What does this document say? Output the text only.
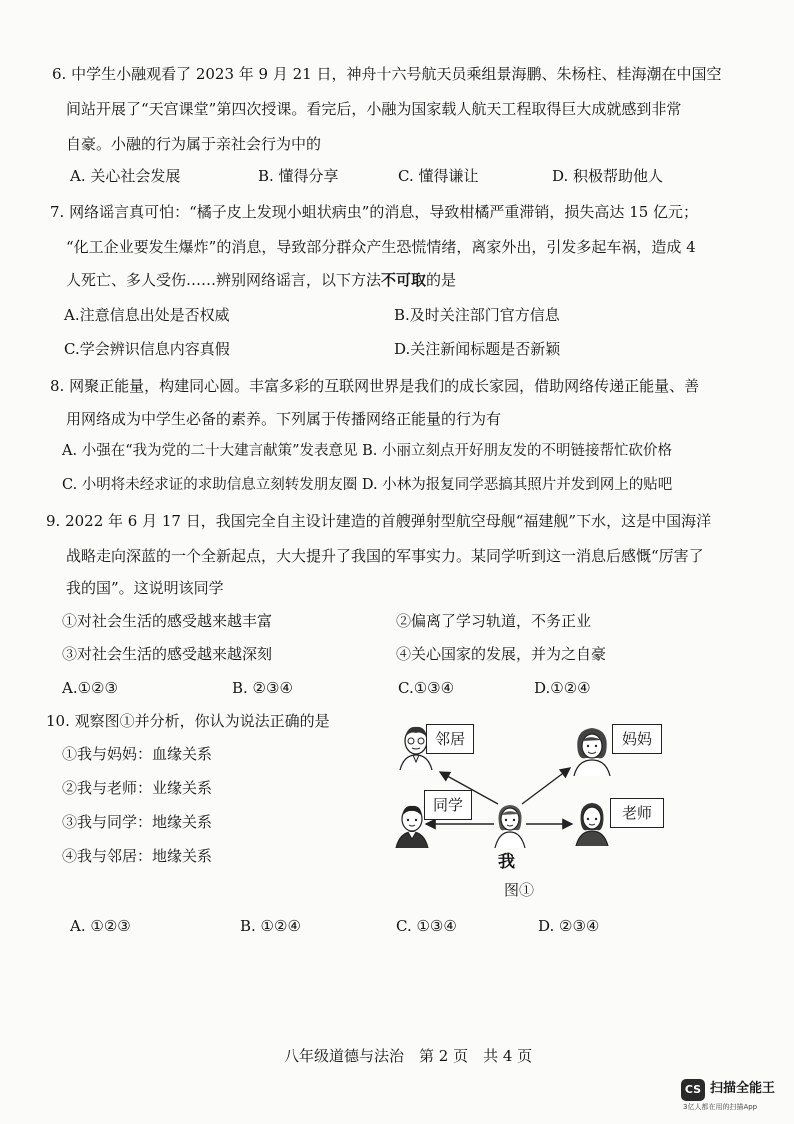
6. 中学生小融观看了 2023 年 9 月 21 日，神舟十六号航天员乘组景海鹏、朱杨柱、桂海潮在中国空
间站开展了“天宫课堂”第四次授课。看完后，小融为国家载人航天工程取得巨大成就感到非常
自豪。小融的行为属于亲社会行为中的
A. 关心社会发展	B. 懂得分享	C. 懂得谦让	D. 积极帮助他人
7. 网络谣言真可怕：“橘子皮上发现小蛆状病虫”的消息，导致柑橘严重滞销，损失高达 15 亿元；
“化工企业要发生爆炸”的消息，导致部分群众产生恐慌情绪，离家外出，引发多起车祸，造成 4
人死亡、多人受伤……辨别网络谣言，以下方法不可取的是
A.注意信息出处是否权威	B.及时关注部门官方信息
C.学会辨识信息内容真假	D.关注新闻标题是否新颖
8. 网聚正能量，构建同心圆。丰富多彩的互联网世界是我们的成长家园，借助网络传递正能量、善
用网络成为中学生必备的素养。下列属于传播网络正能量的行为有
A. 小强在“我为党的二十大建言献策”发表意见 B. 小丽立刻点开好朋友发的不明链接帮忙砍价格
C. 小明将未经求证的求助信息立刻转发朋友圈 D. 小林为报复同学恶搞其照片并发到网上的贴吧
9. 2022 年 6 月 17 日，我国完全自主设计建造的首艘弹射型航空母舰“福建舰”下水，这是中国海洋
战略走向深蓝的一个全新起点，大大提升了我国的军事实力。某同学听到这一消息后感慨“厉害了
我的国”。这说明该同学
①对社会生活的感受越来越丰富	②偏离了学习轨道，不务正业
③对社会生活的感受越来越深刻	④关心国家的发展，并为之自豪
A.①②③	B. ②③④	C.①③④	D.①②④
10. 观察图①并分析，你认为说法正确的是
①我与妈妈：血缘关系
②我与老师：业缘关系
③我与同学：地缘关系
④我与邻居：地缘关系
邻居	妈妈
同学
我
老师
图①
A. ①②③	B. ①②④	C. ①③④	D. ②③④
八年级道德与法治　第 2 页　共 4 页
CS 扫描全能王
3亿人都在用的扫描App
